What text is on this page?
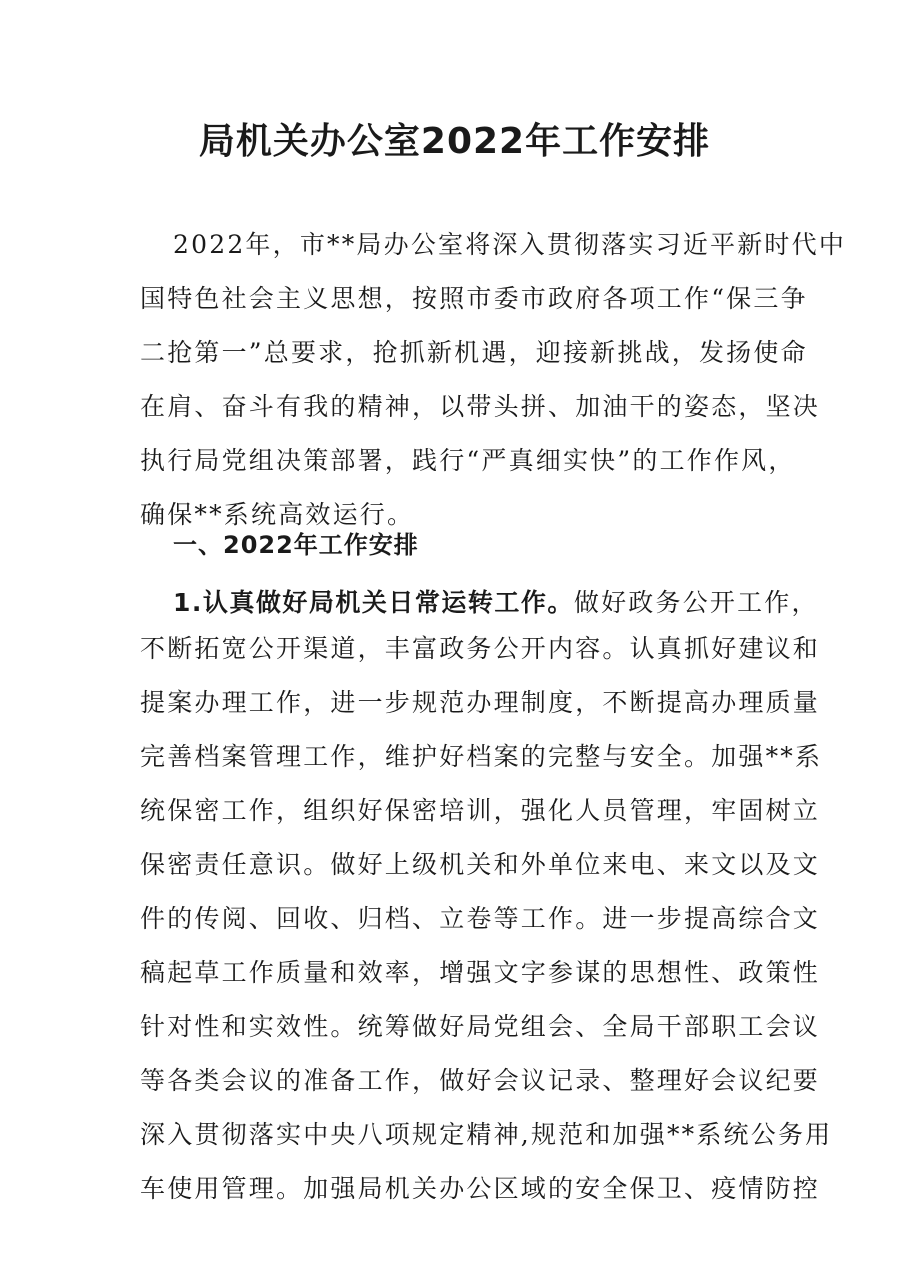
局机关办公室2022年工作安排
2022年，市**局办公室将深入贯彻落实习近平新时代中
国特色社会主义思想，按照市委市政府各项工作“保三争
二抢第一”总要求，抢抓新机遇，迎接新挑战，发扬使命
在肩、奋斗有我的精神，以带头拼、加油干的姿态，坚决
执行局党组决策部署，践行“严真细实快”的工作作风，
确保**系统高效运行。
一、2022年工作安排
1.认真做好局机关日常运转工作。做好政务公开工作，
不断拓宽公开渠道，丰富政务公开内容。认真抓好建议和
提案办理工作，进一步规范办理制度，不断提高办理质量
完善档案管理工作，维护好档案的完整与安全。加强**系
统保密工作，组织好保密培训，强化人员管理，牢固树立
保密责任意识。做好上级机关和外单位来电、来文以及文
件的传阅、回收、归档、立卷等工作。进一步提高综合文
稿起草工作质量和效率，增强文字参谋的思想性、政策性
针对性和实效性。统筹做好局党组会、全局干部职工会议
等各类会议的准备工作，做好会议记录、整理好会议纪要
深入贯彻落实中央八项规定精神,规范和加强**系统公务用
车使用管理。加强局机关办公区域的安全保卫、疫情防控
